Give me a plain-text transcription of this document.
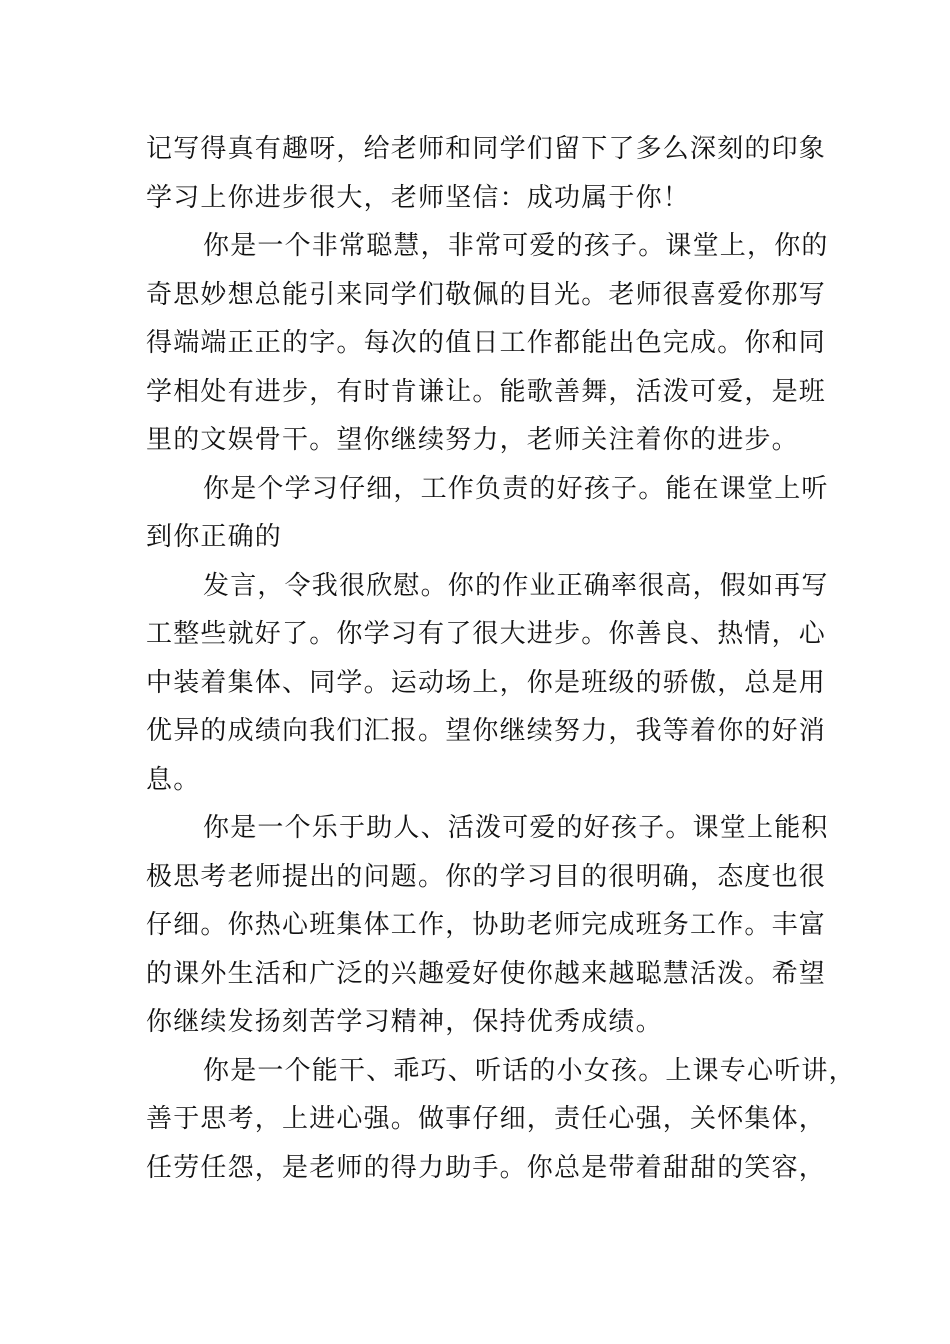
记写得真有趣呀，给老师和同学们留下了多么深刻的印象
学习上你进步很大，老师坚信：成功属于你！
你是一个非常聪慧，非常可爱的孩子。课堂上，你的
奇思妙想总能引来同学们敬佩的目光。老师很喜爱你那写
得端端正正的字。每次的值日工作都能出色完成。你和同
学相处有进步，有时肯谦让。能歌善舞，活泼可爱，是班
里的文娱骨干。望你继续努力，老师关注着你的进步。
你是个学习仔细，工作负责的好孩子。能在课堂上听
到你正确的
发言，令我很欣慰。你的作业正确率很高，假如再写
工整些就好了。你学习有了很大进步。你善良、热情，心
中装着集体、同学。运动场上，你是班级的骄傲，总是用
优异的成绩向我们汇报。望你继续努力，我等着你的好消
息。
你是一个乐于助人、活泼可爱的好孩子。课堂上能积
极思考老师提出的问题。你的学习目的很明确，态度也很
仔细。你热心班集体工作，协助老师完成班务工作。丰富
的课外生活和广泛的兴趣爱好使你越来越聪慧活泼。希望
你继续发扬刻苦学习精神，保持优秀成绩。
你是一个能干、乖巧、听话的小女孩。上课专心听讲，
善于思考，上进心强。做事仔细，责任心强，关怀集体，
任劳任怨，是老师的得力助手。你总是带着甜甜的笑容，
